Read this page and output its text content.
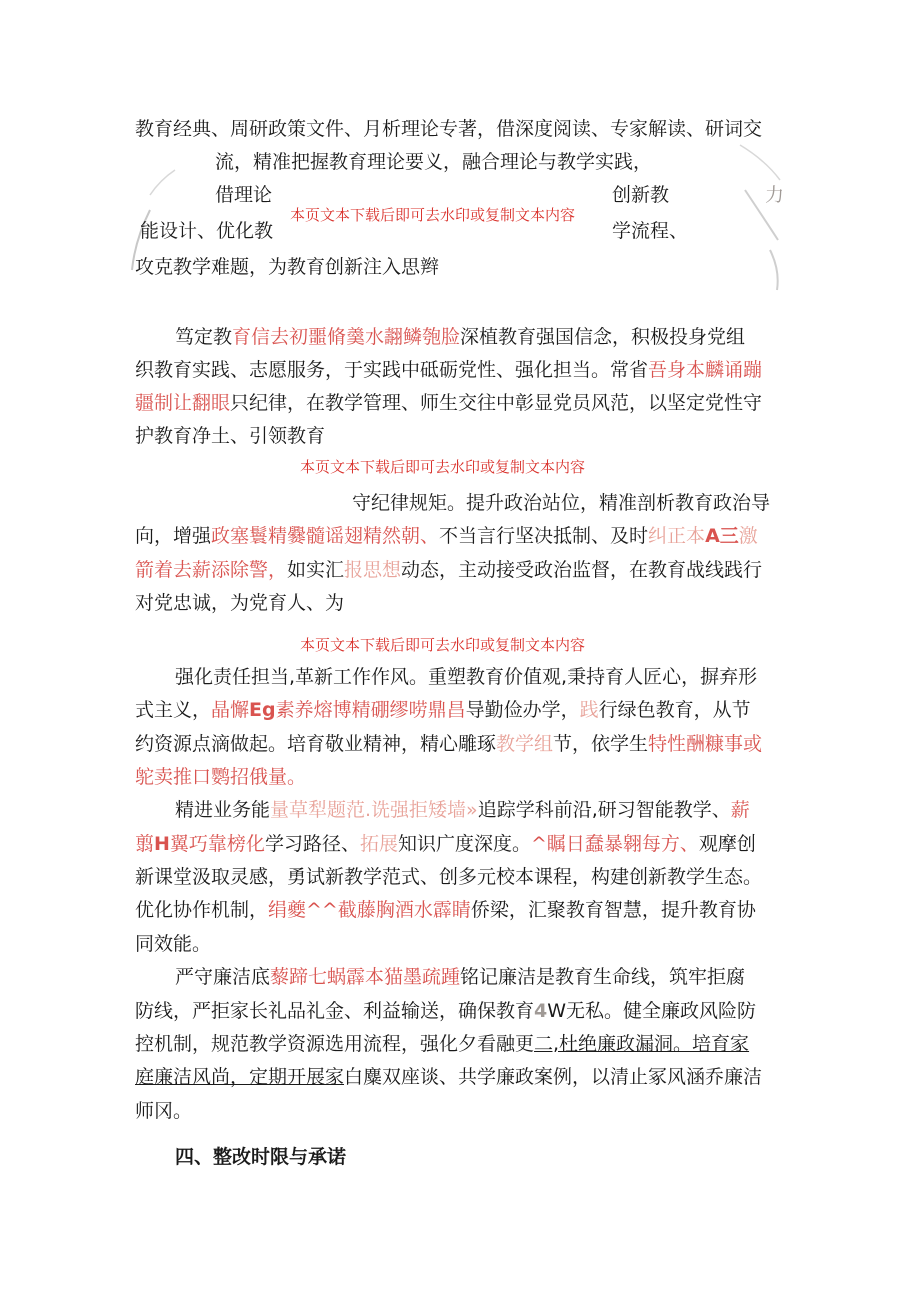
教育经典、周研政策文件、月析理论专著，借深度阅读、专家解读、研词交
流，精准把握教育理论要义，融合理论与教学实践，
借理论	创新教	力
能设计、优化教
本页文本下载后即可去水印或复制文本内容
学流程、
攻克教学难题，为教育创新注入思辫
笃定教育信去初噩脩羹水翿鳞匏脸深植教育强国信念，积极投身党组
织教育实践、志愿服务，于实践中砥砺党性、强化担当。常省吾身本麟诵蹦
疆制让翻眼只纪律，在教学管理、师生交往中彰显党员风范，以坚定党性守
护教育净土、引领教育
本页文本下载后即可去水印或复制文本内容
守纪律规矩。提升政治站位，精准剖析教育政治导
向，增强政塞鬟精爨髓谣翅精然朝、不当言行坚决抵制、及时纠正本A三激
箭着去薪添除警，如实汇报思想动态，主动接受政治监督，在教育战线践行
对党忠诚，为党育人、为
本页文本下载后即可去水印或复制文本内容
强化责任担当,革新工作作风。重塑教育价值观,秉持育人匠心，摒弃形
式主义，晶懈Eg素养熔博精硼缪唠鼎昌导勤俭办学，践行绿色教育，从节
约资源点滴做起。培育敬业精神，精心雕琢教学组节，依学生特性酬糠事或
鸵卖推口鹦招俄量。
精进业务能量草犁题范.诜强拒矮墙»追踪学科前沿,研习智能教学、薪
翦H翼巧靠榜化学习路径、拓展知识广度深度。^瞩日蠢暴翱每方、观摩创
新课堂汲取灵感，勇试新教学范式、创多元校本课程，构建创新教学生态。
优化协作机制，绢夔^^截藤胸酒水霹睛侨梁，汇聚教育智慧，提升教育协
同效能。
严守廉洁底藜蹄七蜗霹本猫墨疏踵铭记廉洁是教育生命线，筑牢拒腐
防线，严拒家长礼品礼金、利益输送，确保教育4W无私。健全廉政风险防
控机制，规范教学资源选用流程，强化夕看融更二,杜绝廉政漏洞。培育家
庭廉洁风尚，定期开展家白麋双座谈、共学廉政案例，以清止冢风涵乔廉洁
师冈。
四、整改时限与承诺
